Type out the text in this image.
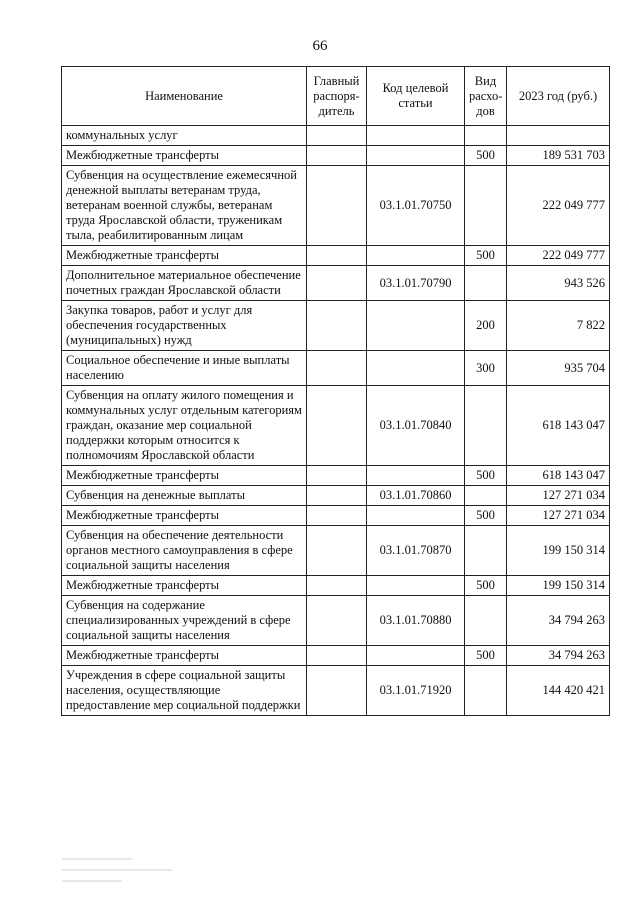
66
Наименование	Главный распоря-дитель	Код целевой статьи	Вид расхо-дов	2023 год (руб.)
коммунальных услуг				
Межбюджетные трансферты			500	189 531 703
Субвенция на осуществление ежемесячной денежной выплаты ветеранам труда, ветеранам военной службы, ветеранам труда Ярославской области, труженикам тыла, реабилитированным лицам		03.1.01.70750		222 049 777
Межбюджетные трансферты			500	222 049 777
Дополнительное материальное обеспечение почетных граждан Ярославской области		03.1.01.70790		943 526
Закупка товаров, работ и услуг для обеспечения государственных (муниципальных) нужд			200	7 822
Социальное обеспечение и иные выплаты населению			300	935 704
Субвенция на оплату жилого помещения и коммунальных услуг отдельным категориям граждан, оказание мер социальной поддержки которым относится к полномочиям Ярославской области		03.1.01.70840		618 143 047
Межбюджетные трансферты			500	618 143 047
Субвенция на денежные выплаты		03.1.01.70860		127 271 034
Межбюджетные трансферты			500	127 271 034
Субвенция на обеспечение деятельности органов местного самоуправления в сфере социальной защиты населения		03.1.01.70870		199 150 314
Межбюджетные трансферты			500	199 150 314
Субвенция на содержание специализированных учреждений в сфере социальной защиты населения		03.1.01.70880		34 794 263
Межбюджетные трансферты			500	34 794 263
Учреждения в сфере социальной защиты населения, осуществляющие предоставление мер социальной поддержки		03.1.01.71920		144 420 421
